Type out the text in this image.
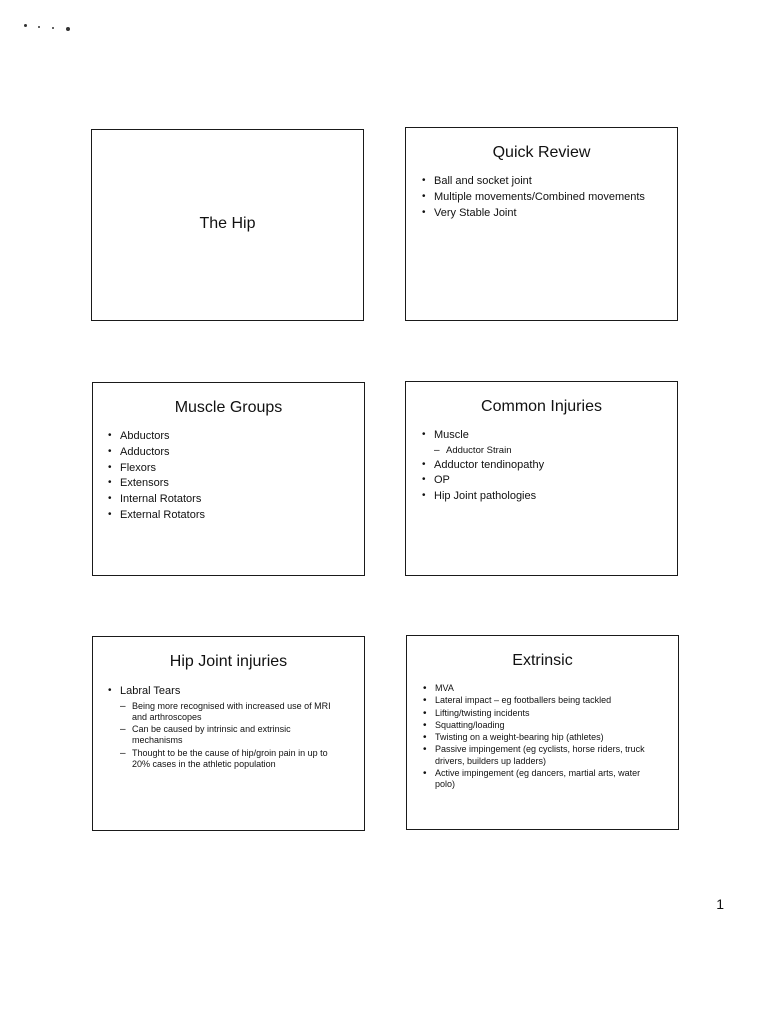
The Hip
Quick Review
• Ball and socket joint
• Multiple movements/Combined movements
• Very Stable Joint
Muscle Groups
• Abductors
• Adductors
• Flexors
• Extensors
• Internal Rotators
• External Rotators
Common Injuries
• Muscle
– Adductor Strain
• Adductor tendinopathy
• OP
• Hip Joint pathologies
Hip Joint injuries
• Labral Tears
– Being more recognised with increased use of MRI and arthroscopes
– Can be caused by intrinsic and extrinsic mechanisms
– Thought to be the cause of hip/groin pain in up to 20% cases in the athletic population
Extrinsic
• MVA
• Lateral impact – eg footballers being tackled
• Lifting/twisting incidents
• Squatting/loading
• Twisting on a weight-bearing hip (athletes)
• Passive impingement (eg cyclists, horse riders, truck drivers, builders up ladders)
• Active impingement (eg dancers, martial arts, water polo)
1
